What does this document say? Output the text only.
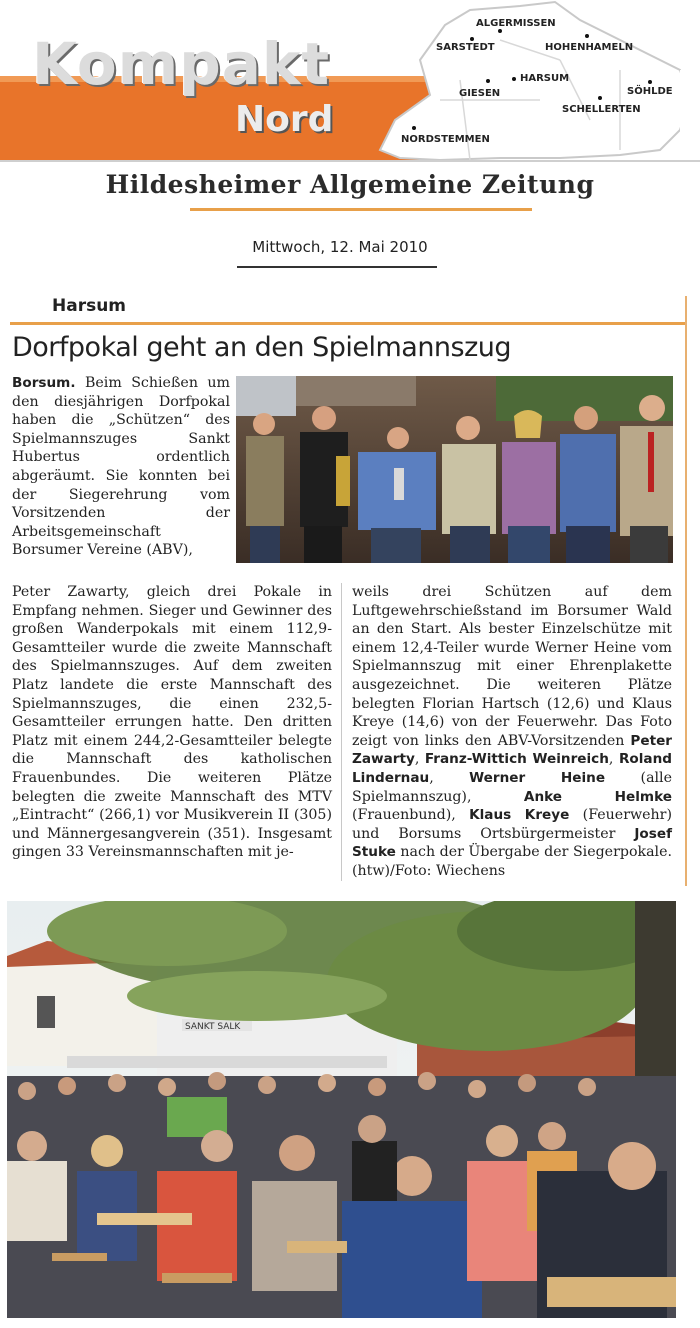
Kompakt
Nord
ALGERMISSEN
SARSTEDT	HOHENHAMELN
HARSUM
GIESEN	SÖHLDE
SCHELLERTEN
NORDSTEMMEN
Hildesheimer Allgemeine Zeitung
Mittwoch, 12. Mai 2010
Harsum
Dorfpokal geht an den Spielmannszug
Borsum. Beim Schießen um den diesjährigen Dorfpokal haben die „Schützen“ des Spielmannszuges Sankt Hubertus ordentlich abgeräumt. Sie konnten bei der Siegerehrung vom Vorsitzenden der Arbeitsgemeinschaft Borsumer Vereine (ABV),
Peter Zawarty, gleich drei Pokale in Empfang nehmen. Sieger und Gewinner des großen Wanderpokals mit einem 112,9-Gesamtteiler wurde die zweite Mannschaft des Spielmannszuges. Auf dem zweiten Platz landete die erste Mannschaft des Spielmannszuges, die einen 232,5-Gesamtteiler errungen hatte. Den dritten Platz mit einem 244,2-Gesamtteiler belegte die Mannschaft des katholischen Frauenbundes. Die weiteren Plätze belegten die zweite Mannschaft des MTV „Eintracht“ (266,1) vor Musikverein II (305) und Männergesangverein (351). Insgesamt gingen 33 Vereinsmannschaften mit je-
weils drei Schützen auf dem Luftgewehrschießstand im Borsumer Wald an den Start. Als bester Einzelschütze mit einem 12,4-Teiler wurde Werner Heine vom Spielmannszug mit einer Ehrenplakette ausgezeichnet. Die weiteren Plätze belegten Florian Hartsch (12,6) und Klaus Kreye (14,6) von der Feuerwehr. Das Foto zeigt von links den ABV-Vorsitzenden Peter Zawarty, Franz-Wittich Weinreich, Roland Lindernau, Werner Heine (alle Spielmannszug), Anke Helmke (Frauenbund), Klaus Kreye (Feuerwehr) und Borsums Ortsbürgermeister Josef Stuke nach der Übergabe der Siegerpokale. (htw)/Foto: Wiechens
SANKT SALK
